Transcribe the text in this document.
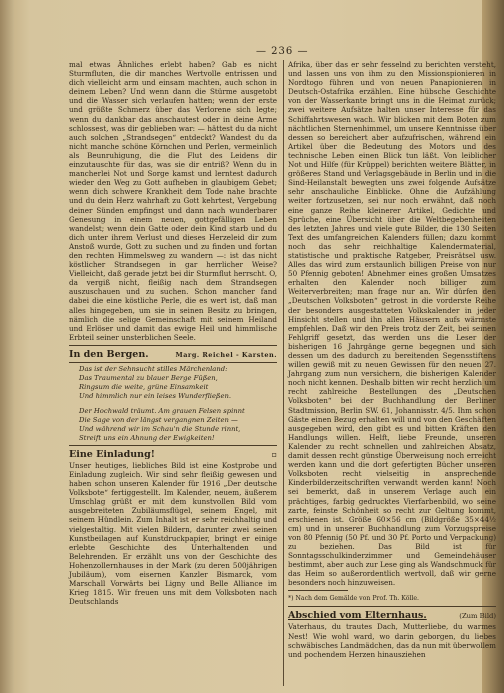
— 236 —

mal etwas Ähnliches erlebt haben? Gab es nicht Sturmfluten, die dir manches Wertvolle entrissen und dich vielleicht arm und einsam machten, auch schon in deinem Leben? Und wenn dann die Stürme ausgetobt und die Wasser sich verlaufen hatten; wenn der erste und größte Schmerz über das Verlorene sich legte; wenn du dankbar das anschautest oder in deine Arme schlossest, was dir geblieben war: — hättest du da nicht auch solchen „Strandsegen“ entdeckt? Wandest du da nicht manche schöne Körnchen und Perlen, vermeinlich als Beunruhigung, die die Flut des Leidens dir einzutauschte für das, was sie dir entriß? Wenn du in mancherlei Not und Sorge kamst und lerntest dadurch wieder den Weg zu Gott aufheben in glaubigem Gebet; wenn dich schwere Krankheit dem Tode nahe brachte und du dein Herz wahrhaft zu Gott kehrtest, Vergebung deiner Sünden empfingst und dann nach wunderbarer Genesung in einem neuen, gottgefälligen Leben wandelst; wenn dein Gatte oder dein Kind starb und du dich unter ihrem Verlust und dieses Herzeleid dir zum Anstoß wurde, Gott zu suchen und zu finden und fortan den rechten Himmelsweg zu wandern —: ist das nicht köstlicher Strandsegen in gar herrlicher Weise? Vielleicht, daß gerade jetzt bei dir Sturmflut herrscht. O, da vergiß nicht, fleißig nach dem Strandsegen auszuschauen und zu suchen. Schon mancher fand dabei die eine köstliche Perle, die es wert ist, daß man alles hingegeben, um sie in seinen Besitz zu bringen, nämlich die selige Gemeinschaft mit seinem Heiland und Erlöser und damit das ewige Heil und himmlische Erbteil seiner unsterblichen Seele.

In den Bergen.	Marg. Reichel - Karsten.
Das ist der Sehnsucht stilles Märchenland:
Das Traumental zu blauer Berge Füßen,
Ringsum die weite, grüne Einsamkeit
Und himmlich nur ein leises Wunderfließen.
Der Hochwald träumt. Am grauen Felsen spinnt
Die Sage von der längst vergangnen Zeiten —
Und während wir im Schau'n die Stunde rinnt,
Streift uns ein Ahnung der Ewigkeiten!
Eine Einladung!	▫

Unser heutiges, liebliches Bild ist eine Kostprobe und Einladung zugleich. Wir sind sehr fleißig gewesen und haben schon unseren Kalender für 1916 „Der deutsche Volksbote“ fertiggestellt. Im Kalender, neuem, äußerem Umschlag grüßt er mit dem kunstvollen Bild vom ausgebreiteten Zubiläumsflügel, seinem Engel, mit seinem Hündlein. Zum Inhalt ist er sehr reichhaltig und vielgestaltig. Mit vielen Bildern, darunter zwei seinen Kunstbeilagen auf Kunstdruckpapier, bringt er einige erlebte Geschichte des Unterhaltenden und Belehrenden. Er erzählt uns von der Geschichte des Hohenzollernhauses in der Mark (zu deren 500jährigen Jubiläum), vom eisernen Kanzler Bismarck, vom Marschall Vorwärts bei Ligny und Belle Alliance im Krieg 1815. Wir freuen uns mit dem Volksboten nach Deutschlands

Afrika, über das er sehr fesselnd zu berichten versteht, und lassen uns von ihm zu den Missionspionieren in Nordtogo führen und von neuen Panapionieren in Deutsch-Ostafrika erzählen. Eine hübsche Geschichte von der Wasserkante bringt uns in die Heimat zurück; zwei weitere Aufsätze halten unser Interesse für das Schiffahrtswesen wach. Wir blicken mit dem Boten zum nächtlichen Sternenhimmel, um unsere Kenntnisse über dessen so bereichert aber aufzufrischen, während ein Artikel über die Bedeutung des Motors und des technische Leben einen Blick tun läßt. Von leiblicher Not und Hilfe (für Krüppel) berichten weitere Blätter, in größeres Stand und Verlagsgebäude in Berlin und in die Sind-Heilanstalt bewegten uns zwei folgende Aufsätze sehr anschauliche Einblicke. Ohne die Aufzählung weiter fortzusetzen, sei nur noch erwähnt, daß noch eine ganze Reihe kleinerer Artikel, Gedichte und Sprüche, eine Übersicht über die Weltbegebenheiten des letzten Jahres und viele gute Bilder, die 130 Seiten Text des umfangreichen Kalenders füllen; dazu kommt noch das sehr reichhaltige Kalendermaterial, statistische und praktische Ratgeber, Preisrätsel usw. Alles das wird zum erstaunlich billigen Preise von nur 50 Pfennig geboten! Abnehmer eines großen Umsatzes erhalten den Kalender noch billiger zum Weiterverbreiten; man frage nur an. Wir dürfen den „Deutschen Volksboten“ getrost in die vorderste Reihe der besonders ausgestatteten Volkskalender in jeder Hinsicht stellen und ihn allen Häusern aufs wärmste empfehlen. Daß wir den Preis trotz der Zeit, bei seinen Fehlgriff gesetzt, das werden uns die Leser der bisherigen 16 Jahrgänge gerne begegnen und sich dessen um des dadurch zu bereitenden Segensstiftens willen gewiß mit zu neuen Gewissen für den neuen 27. Jahrgang zum nun versichern, die bisherigen Kalender noch nicht kennen. Deshalb bitten wir recht herzlich um recht zahlreiche Bestellungen des „Deutschen Volksboten“ bei der Buchhandlung der Berliner Stadtmission, Berlin SW. 61, Johannisstr. 4/5. Ihm schon Gäste einen Bezug erhalten will und von den Geschäften ausgegeben wird, den gibt es und bitten Kräften den Handlungs willen. Helft, liebe Freunde, unseren Kalender zu recht schnellen und zahlreichen Absatz, damit dessen recht günstige Überweisung noch erreicht werden kann und die dort gefertigten Bücher unseren Volksboten recht vielseitig in ansprechende Kinderbilderzeitschriften verwandt werden kann! Noch sei bemerkt, daß in unserem Verlage auch ein prächtiges, farbig gedrucktes Vierfarbenbild, wo seine zarte, feinste Schönheit so recht zur Geltung kommt, erschienen ist. Größe 60×56 cm (Bildgröße 35×44½ cm) und in unserer Buchhandlung zum Vorzugspreise von 80 Pfennig (50 Pf. und 30 Pf. Porto und Verpackung) zu beziehen. Das Bild ist für Sonntagsschulkinderzimmer und Gemeindehäuser bestimmt, aber auch zur Lese ging als Wandschmuck für das Heim so außerordentlich wertvoll, daß wir gerne besonders noch hinzuweisen.

*) Nach dem Gemälde von Prof. Th. Kölle.
Abschied vom Elternhaus.	(Zum Bild)

Vaterhaus, du trautes Dach, Mutterliebe, du warmes Nest! Wie wohl ward, wo darin geborgen, du liebes schwäbisches Landmädchen, das da nun mit überwollem und pochendem Herzen hinausziehen
